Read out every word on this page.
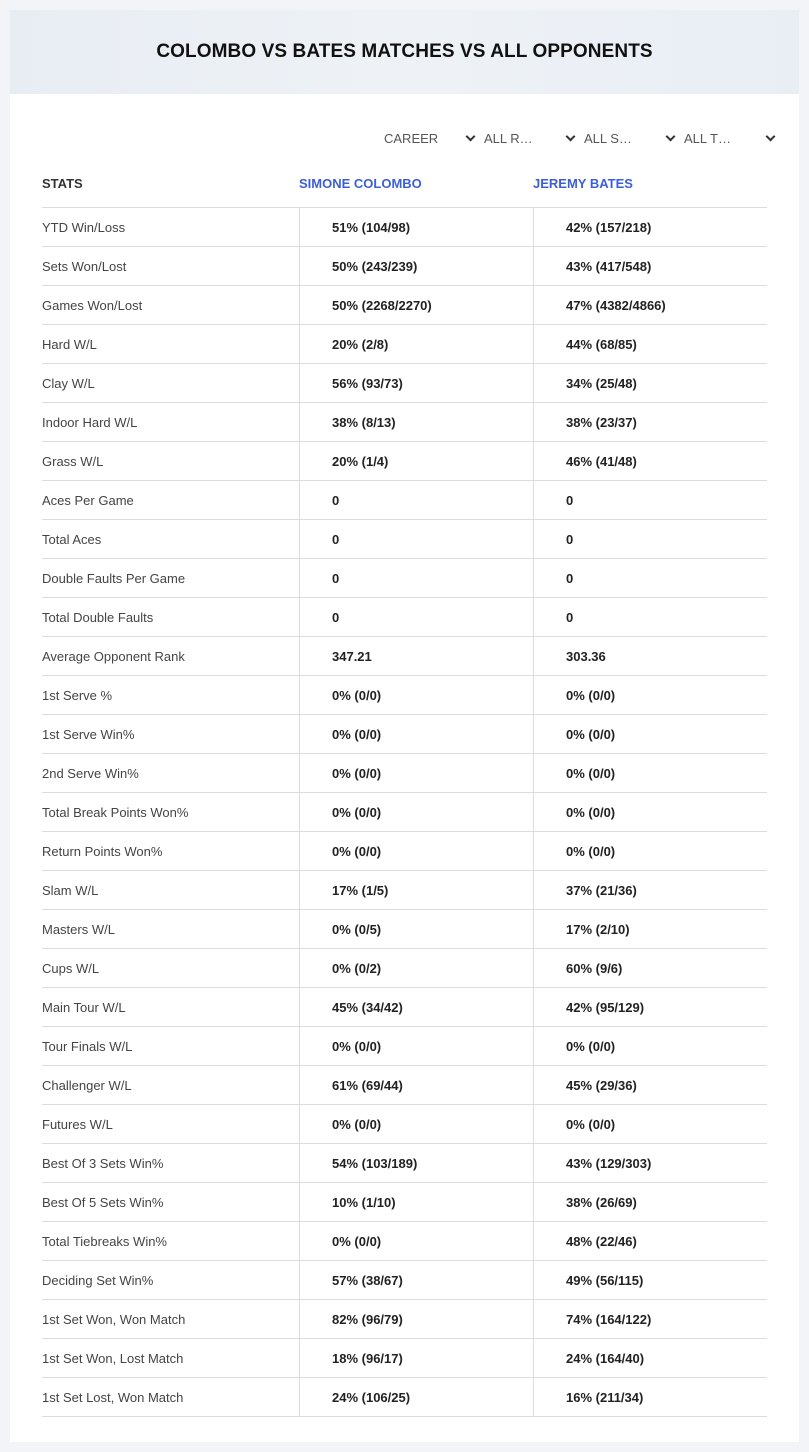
COLOMBO VS BATES MATCHES VS ALL OPPONENTS
CAREER	ALL R…	ALL S…	ALL T…
STATS	SIMONE COLOMBO	JEREMY BATES
YTD Win/Loss	51% (104/98)	42% (157/218)
Sets Won/Lost	50% (243/239)	43% (417/548)
Games Won/Lost	50% (2268/2270)	47% (4382/4866)
Hard W/L	20% (2/8)	44% (68/85)
Clay W/L	56% (93/73)	34% (25/48)
Indoor Hard W/L	38% (8/13)	38% (23/37)
Grass W/L	20% (1/4)	46% (41/48)
Aces Per Game	0	0
Total Aces	0	0
Double Faults Per Game	0	0
Total Double Faults	0	0
Average Opponent Rank	347.21	303.36
1st Serve %	0% (0/0)	0% (0/0)
1st Serve Win%	0% (0/0)	0% (0/0)
2nd Serve Win%	0% (0/0)	0% (0/0)
Total Break Points Won%	0% (0/0)	0% (0/0)
Return Points Won%	0% (0/0)	0% (0/0)
Slam W/L	17% (1/5)	37% (21/36)
Masters W/L	0% (0/5)	17% (2/10)
Cups W/L	0% (0/2)	60% (9/6)
Main Tour W/L	45% (34/42)	42% (95/129)
Tour Finals W/L	0% (0/0)	0% (0/0)
Challenger W/L	61% (69/44)	45% (29/36)
Futures W/L	0% (0/0)	0% (0/0)
Best Of 3 Sets Win%	54% (103/189)	43% (129/303)
Best Of 5 Sets Win%	10% (1/10)	38% (26/69)
Total Tiebreaks Win%	0% (0/0)	48% (22/46)
Deciding Set Win%	57% (38/67)	49% (56/115)
1st Set Won, Won Match	82% (96/79)	74% (164/122)
1st Set Won, Lost Match	18% (96/17)	24% (164/40)
1st Set Lost, Won Match	24% (106/25)	16% (211/34)
